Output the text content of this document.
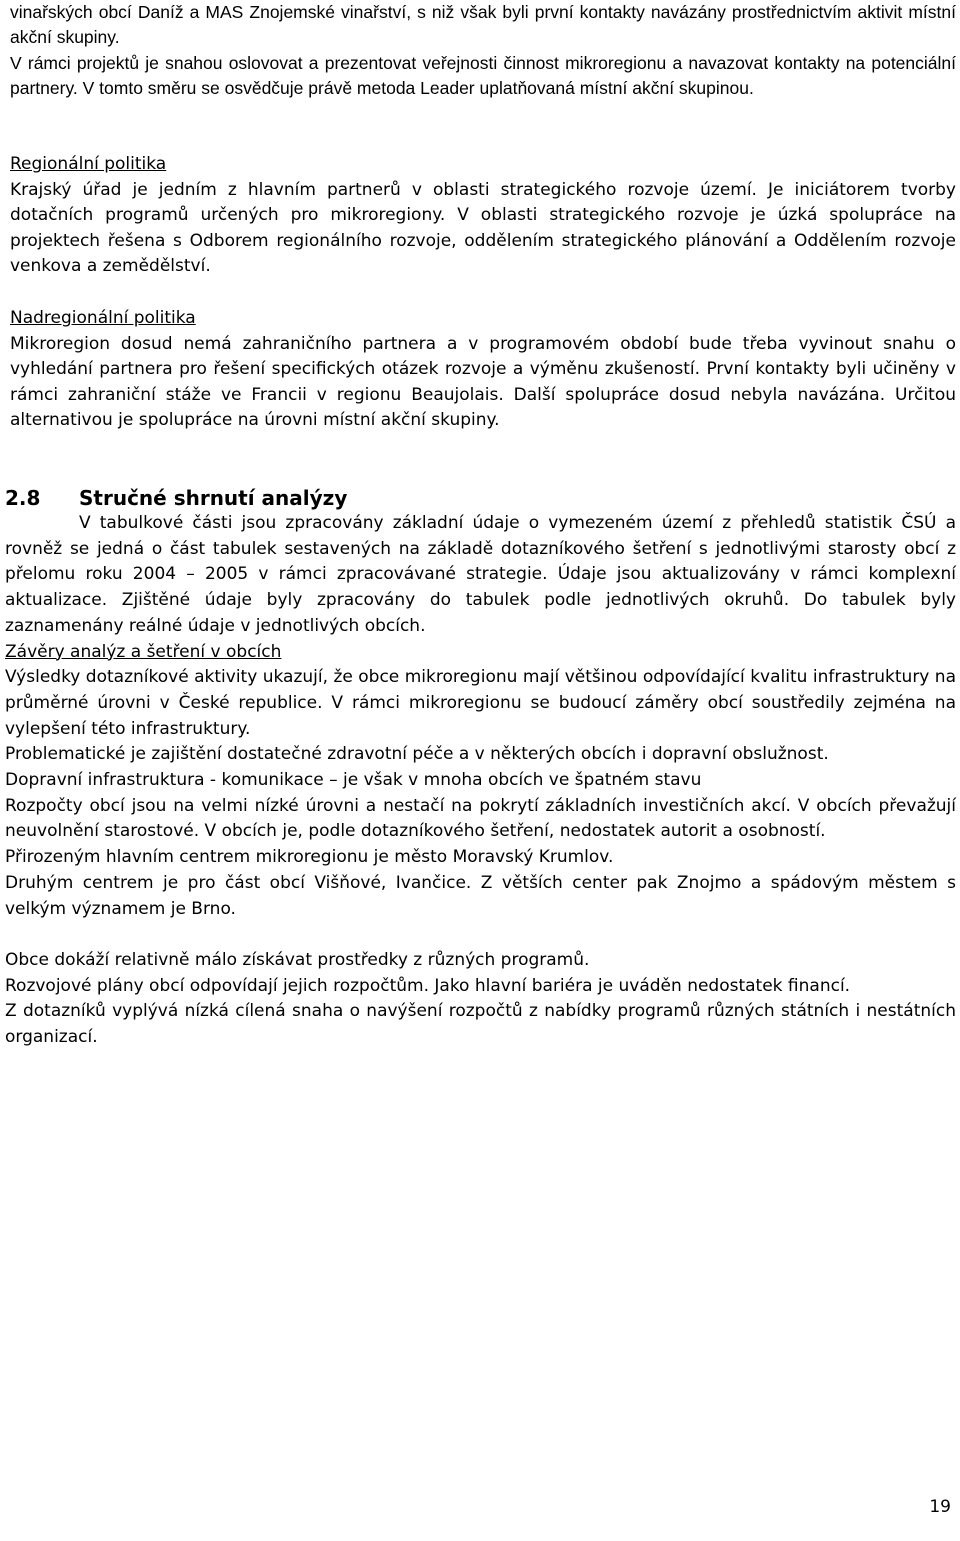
vinařských obcí Daníž a MAS Znojemské vinařství, s niž však byli první kontakty navázány prostřednictvím aktivit místní akční skupiny.

V rámci projektů je snahou oslovovat a prezentovat veřejnosti činnost mikroregionu a navazovat kontakty na potenciální partnery. V tomto směru se osvědčuje právě metoda Leader uplatňovaná místní akční skupinou.

Regionální politika

Krajský úřad je jedním z hlavním partnerů v oblasti strategického rozvoje území. Je iniciátorem tvorby dotačních programů určených pro mikroregiony. V oblasti strategického rozvoje je úzká spolupráce na projektech řešena s Odborem regionálního rozvoje, oddělením strategického plánování a Oddělením rozvoje venkova a zemědělství.

Nadregionální politika

Mikroregion dosud nemá zahraničního partnera a v programovém období bude třeba vyvinout snahu o vyhledání partnera pro řešení specifických otázek rozvoje a výměnu zkušeností. První kontakty byli učiněny v rámci zahraniční stáže ve Francii v regionu Beaujolais. Další spolupráce dosud nebyla navázána. Určitou alternativou je spolupráce na úrovni místní akční skupiny.

2.8 Stručné shrnutí analýzy

V tabulkové části jsou zpracovány základní údaje o vymezeném území z přehledů statistik ČSÚ a rovněž se jedná o část tabulek sestavených na základě dotazníkového šetření s jednotlivými starosty obcí z přelomu roku 2004 – 2005 v rámci zpracovávané strategie. Údaje jsou aktualizovány v rámci komplexní aktualizace. Zjištěné údaje byly zpracovány do tabulek podle jednotlivých okruhů. Do tabulek byly zaznamenány reálné údaje v jednotlivých obcích.

Závěry analýz a šetření v obcích

Výsledky dotazníkové aktivity ukazují, že obce mikroregionu mají většinou odpovídající kvalitu infrastruktury na průměrné úrovni v České republice. V rámci mikroregionu se budoucí záměry obcí soustředily zejména na vylepšení této infrastruktury.

Problematické je zajištění dostatečné zdravotní péče a v některých obcích i dopravní obslužnost.

Dopravní infrastruktura - komunikace – je však v mnoha obcích ve špatném stavu

Rozpočty obcí jsou na velmi nízké úrovni a nestačí na pokrytí základních investičních akcí. V obcích převažují neuvolnění starostové. V obcích je, podle dotazníkového šetření, nedostatek autorit a osobností.

Přirozeným hlavním centrem mikroregionu je město Moravský Krumlov.

Druhým centrem je pro část obcí Višňové, Ivančice. Z větších center pak Znojmo a spádovým městem s velkým významem je Brno.

Obce dokáží relativně málo získávat prostředky z různých programů.

Rozvojové plány obcí odpovídají jejich rozpočtům. Jako hlavní bariéra je uváděn nedostatek financí.

Z dotazníků vyplývá nízká cílená snaha o navýšení rozpočtů z nabídky programů různých státních i nestátních organizací.

19
